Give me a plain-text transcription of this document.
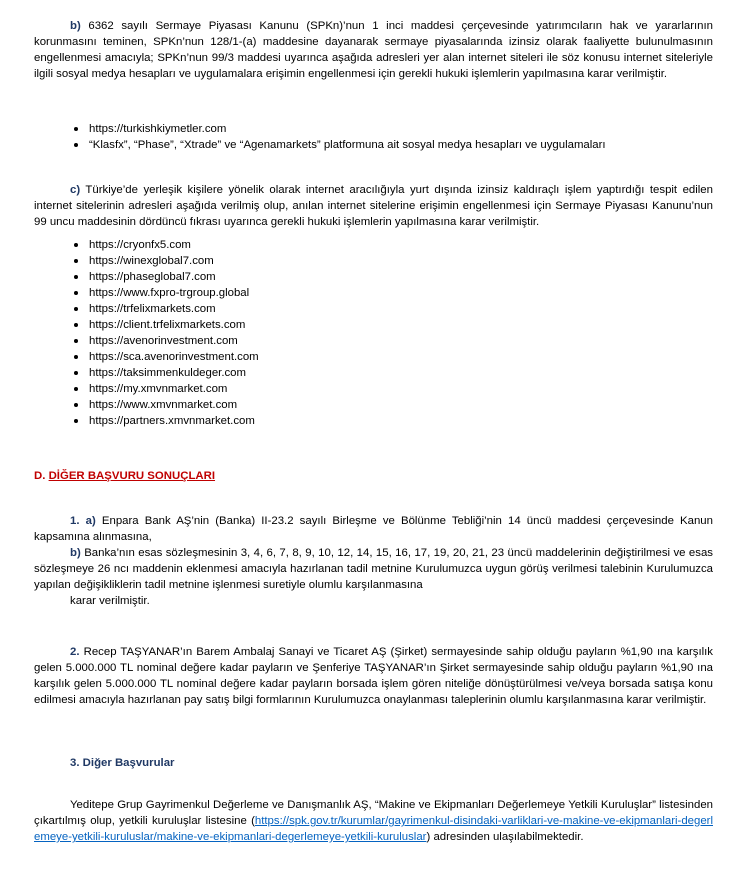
b) 6362 sayılı Sermaye Piyasası Kanunu (SPKn)’nun 1 inci maddesi çerçevesinde yatırımcıların hak ve yararlarının korunmasını teminen, SPKn’nun 128/1-(a) maddesine dayanarak sermaye piyasalarında izinsiz olarak faaliyette bulunulmasının engellenmesi amacıyla; SPKn’nun 99/3 maddesi uyarınca aşağıda adresleri yer alan internet siteleri ile söz konusu internet siteleriyle ilgili sosyal medya hesapları ve uygulamalara erişimin engellenmesi için gerekli hukuki işlemlerin yapılmasına karar verilmiştir.

https://turkishkiymetler.com
“Klasfx”, “Phase”, “Xtrade” ve “Agenamarkets” platformuna ait sosyal medya hesapları ve uygulamaları

c) Türkiye’de yerleşik kişilere yönelik olarak internet aracılığıyla yurt dışında izinsiz kaldıraçlı işlem yaptırdığı tespit edilen internet sitelerinin adresleri aşağıda verilmiş olup, anılan internet sitelerine erişimin engellenmesi için Sermaye Piyasası Kanunu’nun 99 uncu maddesinin dördüncü fıkrası uyarınca gerekli hukuki işlemlerin yapılmasına karar verilmiştir.

https://cryonfx5.com
https://winexglobal7.com
https://phaseglobal7.com
https://www.fxpro-trgroup.global
https://trfelixmarkets.com
https://client.trfelixmarkets.com
https://avenorinvestment.com
https://sca.avenorinvestment.com
https://taksimmenkuldeger.com
https://my.xmvnmarket.com
https://www.xmvnmarket.com
https://partners.xmvnmarket.com
D. DİĞER BAŞVURU SONUÇLARI

1. a) Enpara Bank AŞ’nin (Banka) II-23.2 sayılı Birleşme ve Bölünme Tebliği’nin 14 üncü maddesi çerçevesinde Kanun kapsamına alınmasına,

b) Banka’nın esas sözleşmesinin 3, 4, 6, 7, 8, 9, 10, 12, 14, 15, 16, 17, 19, 20, 21, 23 üncü maddelerinin değiştirilmesi ve esas sözleşmeye 26 ncı maddenin eklenmesi amacıyla hazırlanan tadil metnine Kurulumuzca uygun görüş verilmesi talebinin Kurulumuzca yapılan değişikliklerin tadil metnine işlenmesi suretiyle olumlu karşılanmasına

karar verilmiştir.

2. Recep TAŞYANAR’ın Barem Ambalaj Sanayi ve Ticaret AŞ (Şirket) sermayesinde sahip olduğu payların %1,90 ına karşılık gelen 5.000.000 TL nominal değere kadar payların ve Şenferiye TAŞYANAR’ın Şirket sermayesinde sahip olduğu payların %1,90 ına karşılık gelen 5.000.000 TL nominal değere kadar payların borsada işlem gören niteliğe dönüştürülmesi ve/veya borsada satışa konu edilmesi amacıyla hazırlanan pay satış bilgi formlarının Kurulumuzca onaylanması taleplerinin olumlu karşılanmasına karar verilmiştir.

3. Diğer Başvurular

Yeditepe Grup Gayrimenkul Değerleme ve Danışmanlık AŞ, “Makine ve Ekipmanları Değerlemeye Yetkili Kuruluşlar” listesinden çıkartılmış olup, yetkili kuruluşlar listesine (https://spk.gov.tr/kurumlar/gayrimenkul-disindaki-varliklari-ve-makine-ve-ekipmanlari-degerlemeye-yetkili-kuruluslar/makine-ve-ekipmanlari-degerlemeye-yetkili-kuruluslar) adresinden ulaşılabilmektedir.
